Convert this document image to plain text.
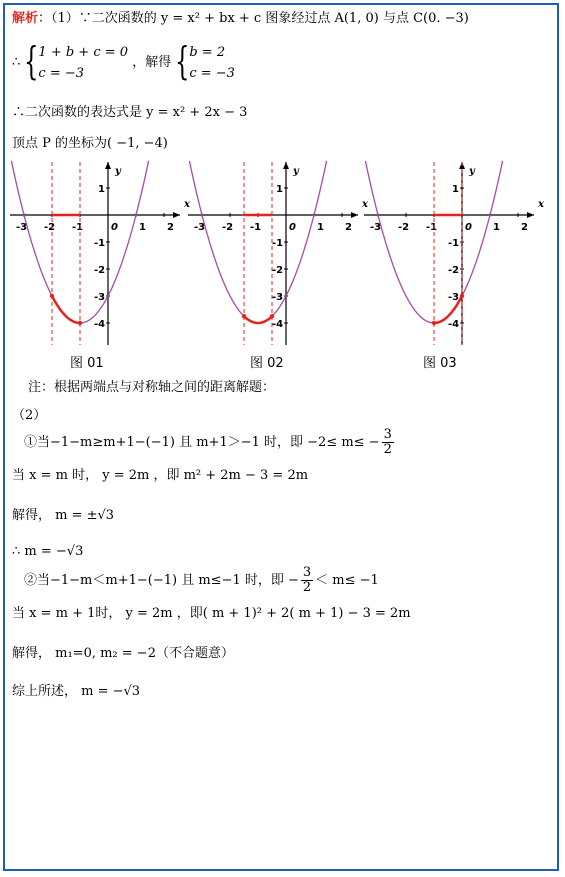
解析：（1）∵二次函数的 y = x² + bx + c 图象经过点 A(1, 0) 与点 C(0. −3)
∴ { 1 + b + c = 0
c = −3
，解得 { b = 2
c = −3
∴二次函数的表达式是 y = x² + 2x − 3
顶点 P 的坐标为( −1, −4)
x
y
-3 -2 -1	0 1 2
1
-1
-2
-3
-4
x
y
-3 -2 -1	0 1 2
1
-1
-2
-3
-4
x
y
-3 -2 -1	0 1 2
1
-1
-2
-3
-4
图 01	图 02	图 03
注：根据两端点与对称轴之间的距离解题：
（2）
①当−1−m≥m+1−(−1) 且 m+1＞−1 时，即 $-2\le m\le - \frac{3}{2}$
当 x = m 时， y = 2m ，即 m² + 2m − 3 = 2m
解得， m = ±√3
∴ m = −√3
②当−1−m＜m+1−(−1) 且 m≤−1 时，即 − $\frac{3}{2} < m\le -1$
当 x = m + 1时， y = 2m ，即( m + 1)² + 2( m + 1) − 3 = 2m
解得， m₁=0, m₂ = −2（不合题意）
综上所述， m = −√3
